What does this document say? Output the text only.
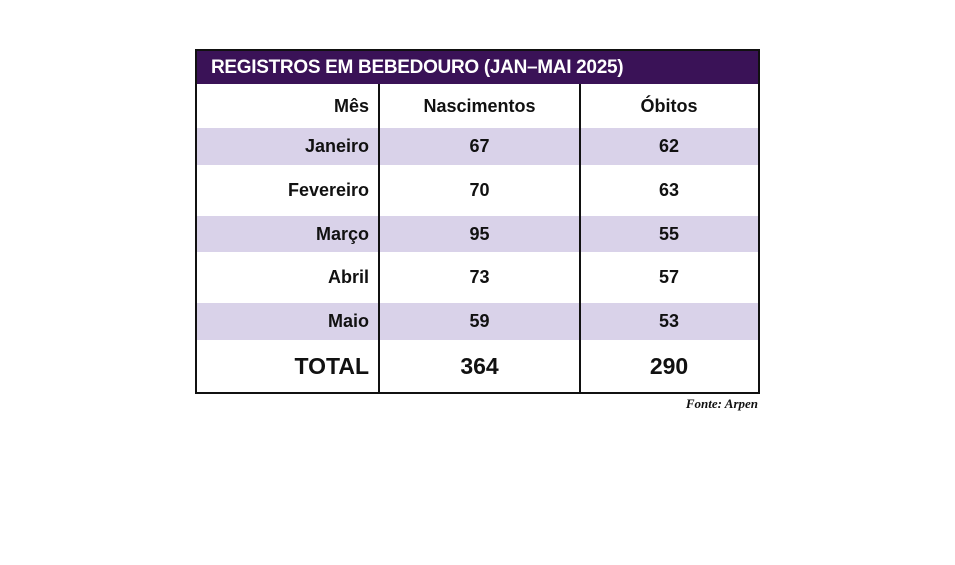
REGISTROS EM BEBEDOURO (JAN–MAI 2025)
Mês	Nascimentos	Óbitos
Janeiro	67	62
Fevereiro	70	63
Março	95	55
Abril	73	57
Maio	59	53
TOTAL	364	290
Fonte: Arpen
